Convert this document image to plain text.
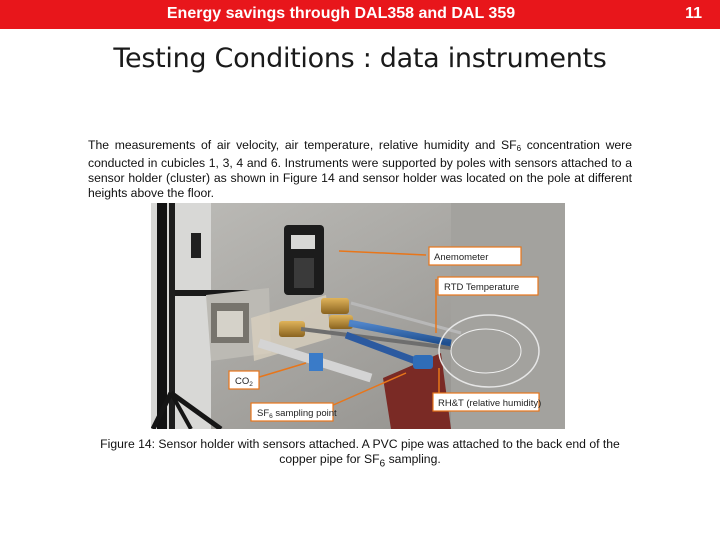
Energy savings through DAL358 and DAL 359	11
Testing Conditions : data instruments

The measurements of air velocity, air temperature, relative humidity and $SF_6$ concentration were conducted in cubicles 1, 3, 4 and 6. Instruments were supported by poles with sensors attached to a sensor holder (cluster) as shown in Figure 14 and sensor holder was located on the pole at different heights above the floor.

Anemometer
RTD Temperature
$CO_2$
$SF_6$ sampling point
RH&T (relative humidity)

Figure 14: Sensor holder with sensors attached. A PVC pipe was attached to the back end of the copper pipe for $SF_6$ sampling.
